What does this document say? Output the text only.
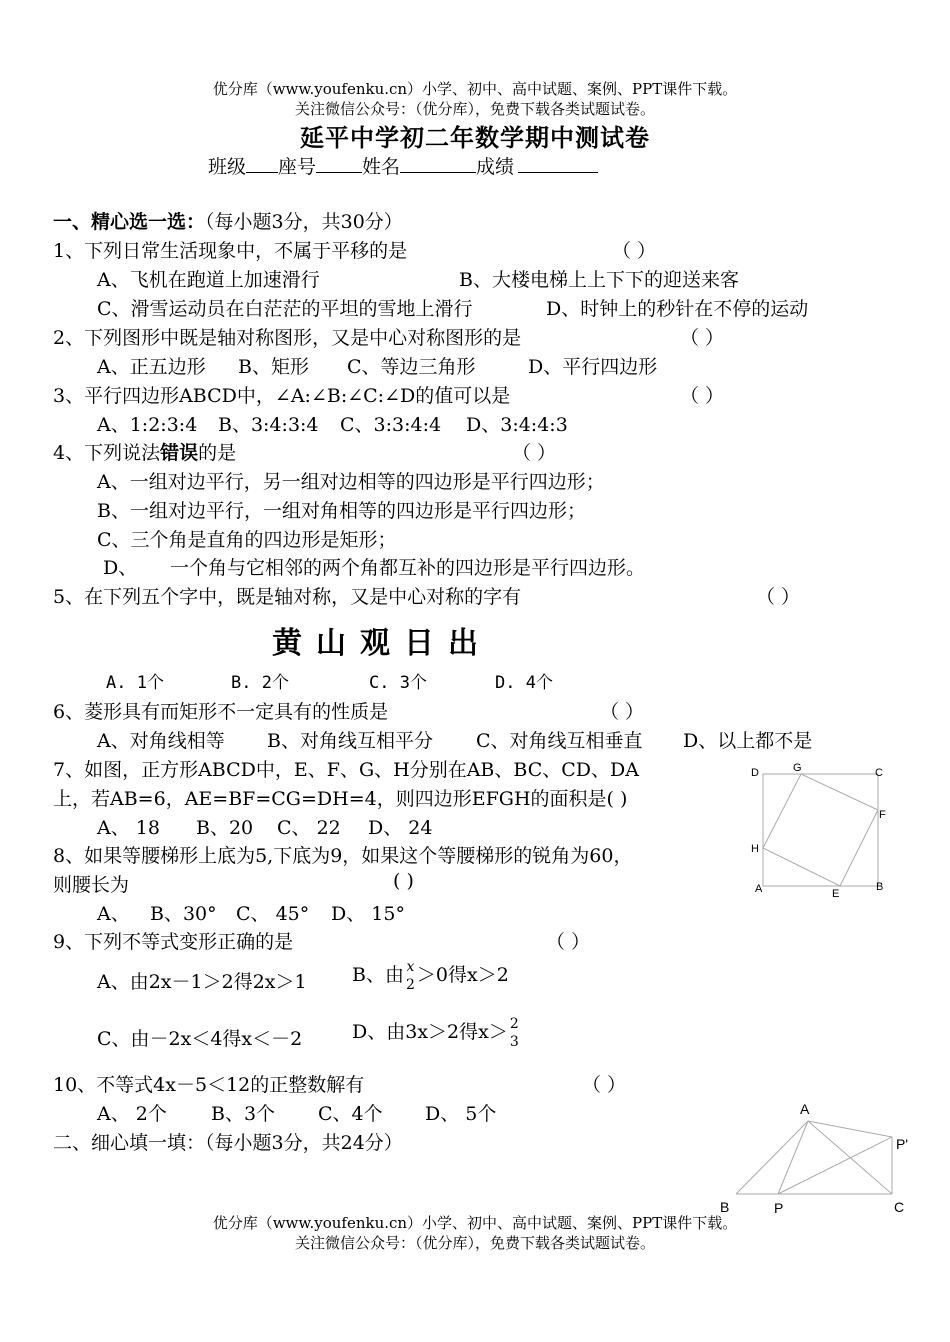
优分库（www.youfenku.cn）小学、初中、高中试题、案例、PPT课件下载。
关注微信公众号：（优分库），免费下载各类试题试卷。
延平中学初二年数学期中测试卷
班级 座号 姓名	成绩
一、精心选一选：（每小题3分，共30分）
1、下列日常生活现象中，不属于平移的是	（ ）
A、飞机在跑道上加速滑行	B、大楼电梯上上下下的迎送来客
C、滑雪运动员在白茫茫的平坦的雪地上滑行	D、时钟上的秒针在不停的运动
2、下列图形中既是轴对称图形，又是中心对称图形的是	（ ）
A、正五边形 B、矩形 C、等边三角形	D、平行四边形
3、平行四边形ABCD中，∠A:∠B:∠C:∠D的值可以是	（ ）
A、1:2:3:4 B、3:4:3:4 C、3:3:4:4 D、3:4:4:3
4、下列说法错误的是	（ ）
A、一组对边平行，另一组对边相等的四边形是平行四边形；
B、一组对边平行，一组对角相等的四边形是平行四边形；
C、三个角是直角的四边形是矩形；
D、 一个角与它相邻的两个角都互补的四边形是平行四边形。
5、在下列五个字中，既是轴对称，又是中心对称的字有	（ ）
黄山观日出
A. 1个	B. 2个	C. 3个	D. 4个
6、菱形具有而矩形不一定具有的性质是	（ ）
A、对角线相等 B、对角线互相平分 C、对角线互相垂直 D、以上都不是
7、如图，正方形ABCD中，E、F、G、H分别在AB、BC、CD、DA
上，若AB=6，AE=BF=CG=DH=4，则四边形EFGH的面积是( )
A、 18 B、20 C、 22 D、 24
D	G	C
F
H
A	E
B
8、如果等腰梯形上底为5,下底为9，如果这个等腰梯形的锐角为60，
则腰长为	( )
A、 B、30° C、 45° D、 15°
9、下列不等式变形正确的是	（ ）
A、由2x－1＞2得2x＞1 B、由 x
2 ＞0得x＞2
C、由－2x＜4得x＜－2	D、由3x＞2得x＞ 2
3
10、不等式4x－5＜12的正整数解有	（ ）
A、 2个 B、3个 C、4个 D、 5个
二、细心填一填：（每小题3分，共24分）
A
P'
B	P	C
优分库（www.youfenku.cn）小学、初中、高中试题、案例、PPT课件下载。
关注微信公众号：（优分库），免费下载各类试题试卷。
